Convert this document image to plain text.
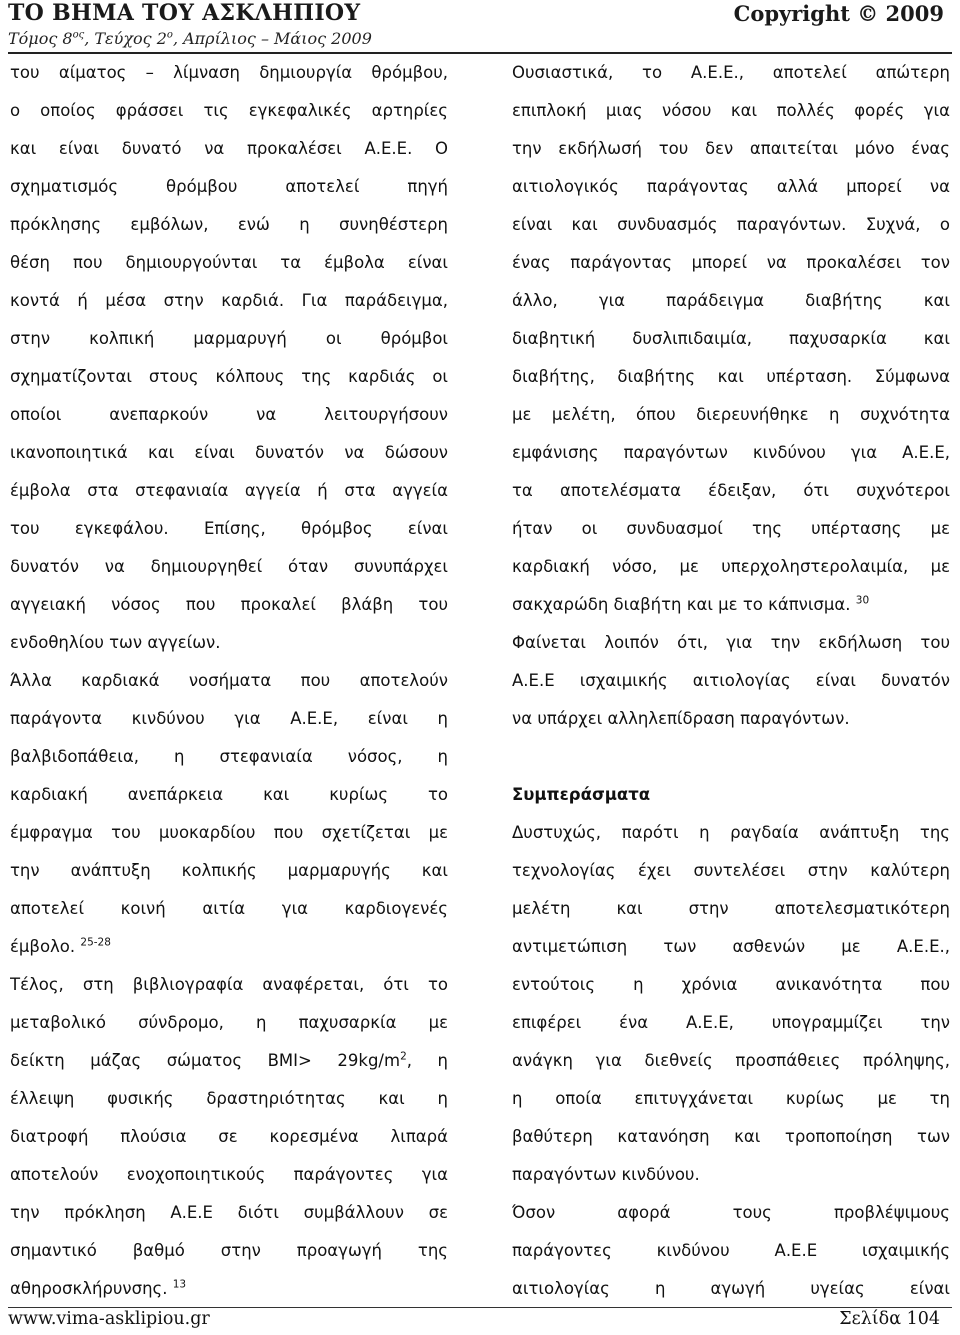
ΤΟ ΒΗΜΑ ΤΟΥ ΑΣΚΛΗΠΙΟΥ
Τόμος $8^{o\varsigma}$, Τεύχος $2^o$, Απρίλιος – Μάιος 2009
Copyright © 2009

του αίματος – λίμναση δημιουργία θρόμβου,
ο οποίος φράσσει τις εγκεφαλικές αρτηρίες
και είναι δυνατό να προκαλέσει Α.Ε.Ε. Ο
σχηματισμός θρόμβου αποτελεί πηγή
πρόκλησης εμβόλων, ενώ η συνηθέστερη
θέση που δημιουργούνται τα έμβολα είναι
κοντά ή μέσα στην καρδιά. Για παράδειγμα,
στην κολπική μαρμαρυγή οι θρόμβοι
σχηματίζονται στους κόλπους της καρδιάς οι
οποίοι ανεπαρκούν να λειτουργήσουν
ικανοποιητικά και είναι δυνατόν να δώσουν
έμβολα στα στεφανιαία αγγεία ή στα αγγεία
του εγκεφάλου. Επίσης, θρόμβος είναι
δυνατόν να δημιουργηθεί όταν συνυπάρχει
αγγειακή νόσος που προκαλεί βλάβη του
ενδοθηλίου των αγγείων.

Άλλα καρδιακά νοσήματα που αποτελούν
παράγοντα κινδύνου για Α.Ε.Ε, είναι η
βαλβιδοπάθεια, η στεφανιαία νόσος, η
καρδιακή ανεπάρκεια και κυρίως το
έμφραγμα του μυοκαρδίου που σχετίζεται με
την ανάπτυξη κολπικής μαρμαρυγής και
αποτελεί κοινή αιτία για καρδιογενές
έμβολο. $^{25-28}$

Τέλος, στη βιβλιογραφία αναφέρεται, ότι το
μεταβολικό σύνδρομο, η παχυσαρκία με
δείκτη μάζας σώματος ΒΜΙ> 29kg/m$^2$, η
έλλειψη φυσικής δραστηριότητας και η
διατροφή πλούσια σε κορεσμένα λιπαρά
αποτελούν ενοχοποιητικούς παράγοντες για
την πρόκληση Α.Ε.Ε διότι συμβάλλουν σε
σημαντικό βαθμό στην προαγωγή της
αθηροσκλήρυνσης. $^{13}$

Ουσιαστικά, το Α.Ε.Ε., αποτελεί απώτερη
επιπλοκή μιας νόσου και πολλές φορές για
την εκδήλωσή του δεν απαιτείται μόνο ένας
αιτιολογικός παράγοντας αλλά μπορεί να
είναι και συνδυασμός παραγόντων. Συχνά, ο
ένας παράγοντας μπορεί να προκαλέσει τον
άλλο, για παράδειγμα διαβήτης και
διαβητική δυσλιπιδαιμία, παχυσαρκία και
διαβήτης, διαβήτης και υπέρταση. Σύμφωνα
με μελέτη, όπου διερευνήθηκε η συχνότητα
εμφάνισης παραγόντων κινδύνου για Α.Ε.Ε,
τα αποτελέσματα έδειξαν, ότι συχνότεροι
ήταν οι συνδυασμοί της υπέρτασης με
καρδιακή νόσο, με υπερχοληστερολαιμία, με
σακχαρώδη διαβήτη και με το κάπνισμα. $^{30}$

Φαίνεται λοιπόν ότι, για την εκδήλωση του
Α.Ε.Ε ισχαιμικής αιτιολογίας είναι δυνατόν
να υπάρχει αλληλεπίδραση παραγόντων.

Συμπεράσματα

Δυστυχώς, παρότι η ραγδαία ανάπτυξη της
τεχνολογίας έχει συντελέσει στην καλύτερη
μελέτη και στην αποτελεσματικότερη
αντιμετώπιση των ασθενών με Α.Ε.Ε.,
εντούτοις η χρόνια ανικανότητα που
επιφέρει ένα Α.Ε.Ε, υπογραμμίζει την
ανάγκη για διεθνείς προσπάθειες πρόληψης,
η οποία επιτυγχάνεται κυρίως με τη
βαθύτερη κατανόηση και τροποποίηση των
παραγόντων κινδύνου.

Όσον αφορά τους προβλέψιμους
παράγοντες κινδύνου Α.Ε.Ε ισχαιμικής
αιτιολογίας η αγωγή υγείας είναι

www.vima-asklipiou.gr	Σελίδα 104
